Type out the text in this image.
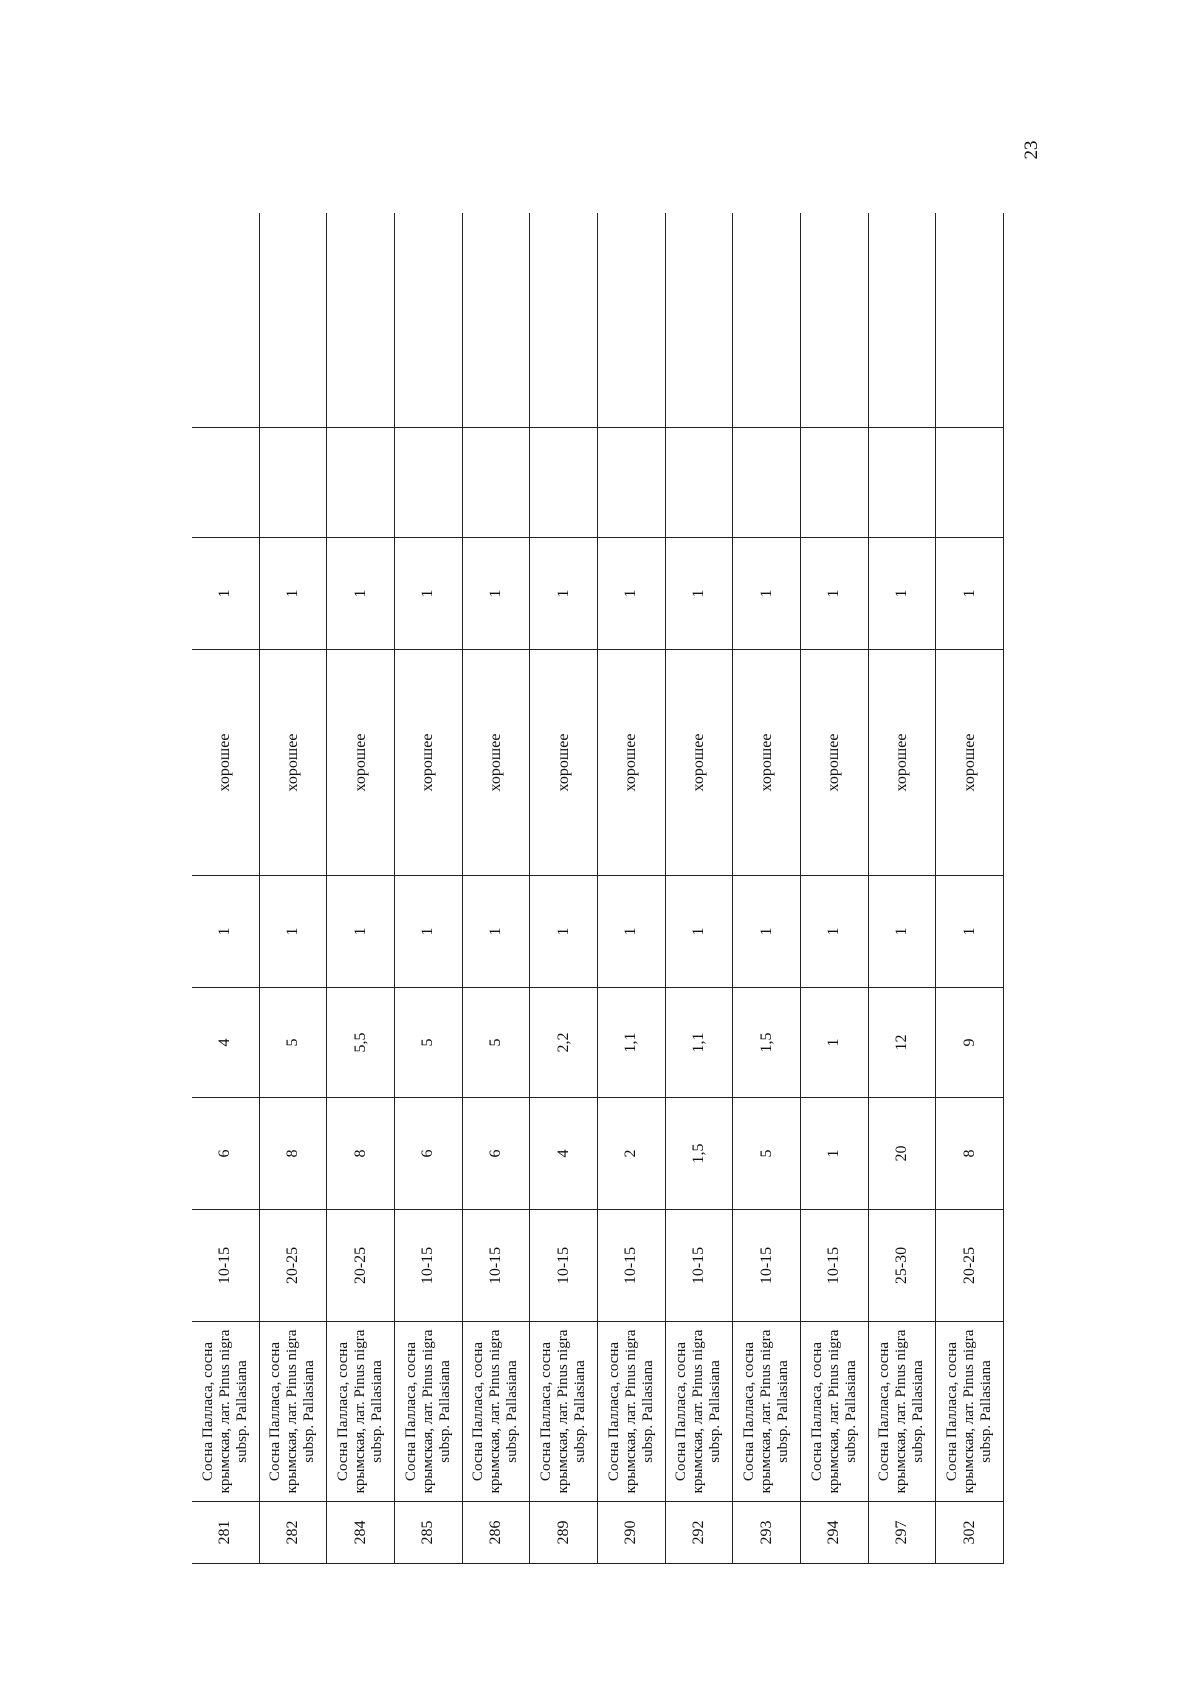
23
281	Сосна Палласа, сосна крымская, лат. Pinus nigra subsp. Pallasiana	10-15	6	4	1	хорошее	1		
282	Сосна Палласа, сосна крымская, лат. Pinus nigra subsp. Pallasiana	20-25	8	5	1	хорошее	1		
284	Сосна Палласа, сосна крымская, лат. Pinus nigra subsp. Pallasiana	20-25	8	5,5	1	хорошее	1		
285	Сосна Палласа, сосна крымская, лат. Pinus nigra subsp. Pallasiana	10-15	6	5	1	хорошее	1		
286	Сосна Палласа, сосна крымская, лат. Pinus nigra subsp. Pallasiana	10-15	6	5	1	хорошее	1		
289	Сосна Палласа, сосна крымская, лат. Pinus nigra subsp. Pallasiana	10-15	4	2,2	1	хорошее	1		
290	Сосна Палласа, сосна крымская, лат. Pinus nigra subsp. Pallasiana	10-15	2	1,1	1	хорошее	1		
292	Сосна Палласа, сосна крымская, лат. Pinus nigra subsp. Pallasiana	10-15	1,5	1,1	1	хорошее	1		
293	Сосна Палласа, сосна крымская, лат. Pinus nigra subsp. Pallasiana	10-15	5	1,5	1	хорошее	1		
294	Сосна Палласа, сосна крымская, лат. Pinus nigra subsp. Pallasiana	10-15	1	1	1	хорошее	1		
297	Сосна Палласа, сосна крымская, лат. Pinus nigra subsp. Pallasiana	25-30	20	12	1	хорошее	1		
302	Сосна Палласа, сосна крымская, лат. Pinus nigra subsp. Pallasiana	20-25	8	9	1	хорошее	1		
